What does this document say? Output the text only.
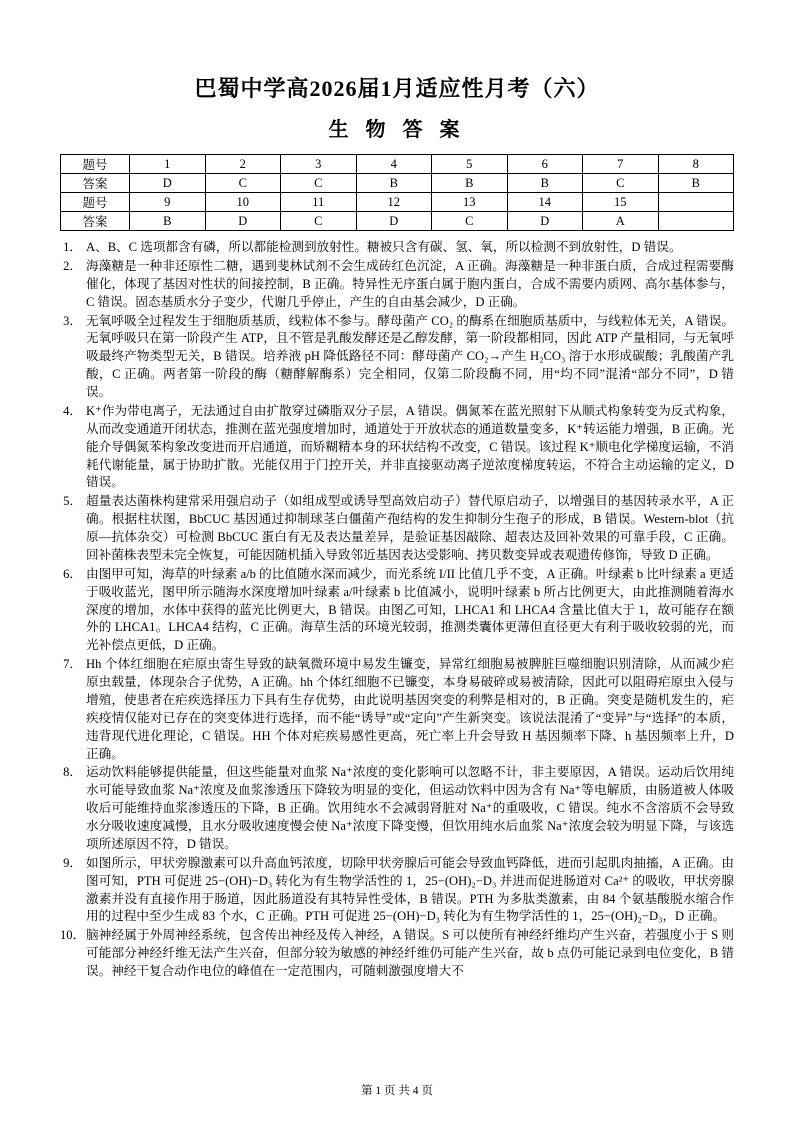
巴蜀中学高2026届1月适应性月考（六）
生 物 答 案
题号	1	2	3	4	5	6	7	8
答案	D	C	C	B	B	B	C	B
题号	9	10	11	12	13	14	15	
答案	B	D	C	D	C	D	A	
1． A、B、C 选项都含有磷，所以都能检测到放射性。糖被只含有碳、氢、氧，所以检测不到放射性，D 错误。
2． 海藻糖是一种非还原性二糖，遇到斐林试剂不会生成砖红色沉淀，A 正确。海藻糖是一种非蛋白质，合成过程需要酶催化，体现了基因对性状的间接控制，B 正确。特异性无序蛋白属于胞内蛋白，合成不需要内质网、高尔基体参与，C 错误。固态基质水分子变少，代谢几乎停止，产生的自由基会减少，D 正确。
3． 无氧呼吸全过程发生于细胞质基质，线粒体不参与。酵母菌产 CO₂ 的酶系在细胞质基质中，与线粒体无关，A 错误。无氧呼吸只在第一阶段产生 ATP，且不管是乳酸发酵还是乙醇发酵，第一阶段都相同，因此 ATP 产量相同，与无氧呼吸最终产物类型无关，B 错误。培养液 pH 降低路径不同：酵母菌产 CO₂→产生 H₂CO₃ 溶于水形成碳酸；乳酸菌产乳酸，C 正确。两者第一阶段的酶（糖酵解酶系）完全相同，仅第二阶段酶不同，用“均不同”混淆“部分不同”，D 错误。
4． K⁺作为带电离子，无法通过自由扩散穿过磷脂双分子层，A 错误。偶氮苯在蓝光照射下从顺式构象转变为反式构象，从而改变通道开闭状态，推测在蓝光强度增加时，通道处于开放状态的通道数量变多，K⁺转运能力增强，B 正确。光能介导偶氮苯构象改变进而开启通道，而矫糊精本身的环状结构不改变，C 错误。该过程 K⁺顺电化学梯度运输，不消耗代谢能量，属于协助扩散。光能仅用于门控开关，并非直接驱动离子逆浓度梯度转运，不符合主动运输的定义，D 错误。
5． 超量表达菌株构建常采用强启动子（如组成型或诱导型高效启动子）替代原启动子，以增强目的基因转录水平，A 正确。根据柱状图，BbCUC 基因通过抑制球茎白僵菌产孢结构的发生抑制分生孢子的形成，B 错误。Western-blot（抗原—抗体杂交）可检测 BbCUC 蛋白有无及表达量差异，是验证基因敲除、超表达及回补效果的可靠手段，C 正确。回补菌株表型未完全恢复，可能因随机插入导致邻近基因表达受影响、拷贝数变异或表观遗传修饰，导致 D 正确。
6． 由图甲可知，海草的叶绿素 a/b 的比值随水深而减少，而光系统 I/II 比值几乎不变，A 正确。叶绿素 b 比叶绿素 a 更适于吸收蓝光，图甲所示随海水深度增加叶绿素 a/叶绿素 b 比值减小，说明叶绿素 b 所占比例更大，由此推测随着海水深度的增加，水体中获得的蓝光比例更大，B 错误。由图乙可知，LHCA1 和 LHCA4 含量比值大于 1，故可能存在额外的 LHCA1。LHCA4 结构，C 正确。海草生活的环境光较弱，推测类囊体更薄但直径更大有利于吸收较弱的光，而光补偿点更低，D 正确。
7． Hh 个体红细胞在疟原虫寄生导致的缺氧微环境中易发生镰变，异常红细胞易被脾脏巨噬细胞识别清除，从而减少疟原虫载量，体现杂合子优势，A 正确。hh 个体红细胞不已镰变，本身易破碎或易被清除，因此可以阻碍疟原虫入侵与增殖，使患者在疟疾选择压力下具有生存优势，由此说明基因突变的利弊是相对的，B 正确。突变是随机发生的，疟疾疫情仅能对已存在的突变体进行选择，而不能“诱导”或“定向”产生新突变。该说法混淆了“变异”与“选择”的本质，违背现代进化理论，C 错误。HH 个体对疟疾易感性更高，死亡率上升会导致 H 基因频率下降、h 基因频率上升，D 正确。
8． 运动饮料能够提供能量，但这些能量对血浆 Na⁺浓度的变化影响可以忽略不计，非主要原因，A 错误。运动后饮用纯水可能导致血浆 Na⁺浓度及血浆渗透压下降较为明显的变化，但运动饮料中因为含有 Na⁺等电解质，由肠道被人体吸收后可能维持血浆渗透压的下降，B 正确。饮用纯水不会减弱肾脏对 Na⁺的重吸收，C 错误。纯水不含溶质不会导致水分吸收速度减慢，且水分吸收速度慢会使 Na⁺浓度下降变慢，但饮用纯水后血浆 Na⁺浓度会较为明显下降，与该选项所述原因不符，D 错误。
9． 如图所示，甲状旁腺激素可以升高血钙浓度，切除甲状旁腺后可能会导致血钙降低，进而引起肌肉抽搐，A 正确。由图可知，PTH 可促进 25−(OH)−D₃ 转化为有生物学活性的 1，25−(OH)₂−D₃ 并进而促进肠道对 Ca²⁺ 的吸收，甲状旁腺激素并没有直接作用于肠道，因此肠道没有其特异性受体，B 错误。PTH 为多肽类激素，由 84 个氨基酸脱水缩合作用的过程中至少生成 83 个水，C 正确。PTH 可促进 25−(OH)−D₃ 转化为有生物学活性的 1，25−(OH)₂−D₃，D 正确。
10． 脑神经属于外周神经系统，包含传出神经及传入神经，A 错误。S 可以使所有神经纤维均产生兴奋，若强度小于 S 则可能部分神经纤维无法产生兴奋，但部分较为敏感的神经纤维仍可能产生兴奋，故 b 点仍可能记录到电位变化，B 错误。神经干复合动作电位的峰值在一定范围内，可随刺激强度增大不
第 1 页 共 4 页
